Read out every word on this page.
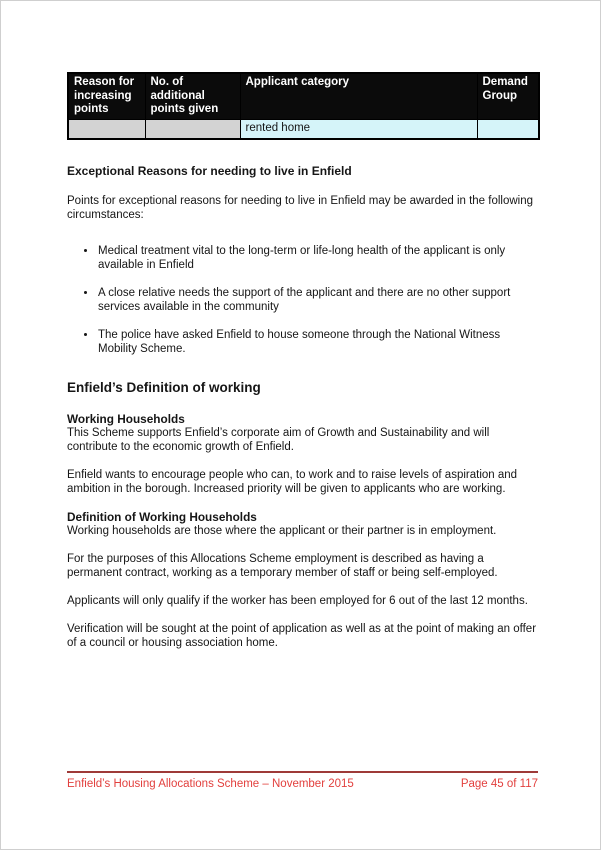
Reason for increasing points	No. of additional points given	Applicant category	Demand Group
		rented home	
Exceptional Reasons for needing to live in Enfield

Points for exceptional reasons for needing to live in Enfield may be awarded in the following circumstances:

• Medical treatment vital to the long-term or life-long health of the applicant is only available in Enfield
• A close relative needs the support of the applicant and there are no other support services available in the community
• The police have asked Enfield to house someone through the National Witness Mobility Scheme.
Enfield’s Definition of working
Working Households

This Scheme supports Enfield’s corporate aim of Growth and Sustainability and will contribute to the economic growth of Enfield.

Enfield wants to encourage people who can, to work and to raise levels of aspiration and ambition in the borough. Increased priority will be given to applicants who are working.

Definition of Working Households

Working households are those where the applicant or their partner is in employment.

For the purposes of this Allocations Scheme employment is described as having a permanent contract, working as a temporary member of staff or being self-employed.

Applicants will only qualify if the worker has been employed for 6 out of the last 12 months.

Verification will be sought at the point of application as well as at the point of making an offer of a council or housing association home.

Enfield’s Housing Allocations Scheme – November 2015	Page 45 of 117
